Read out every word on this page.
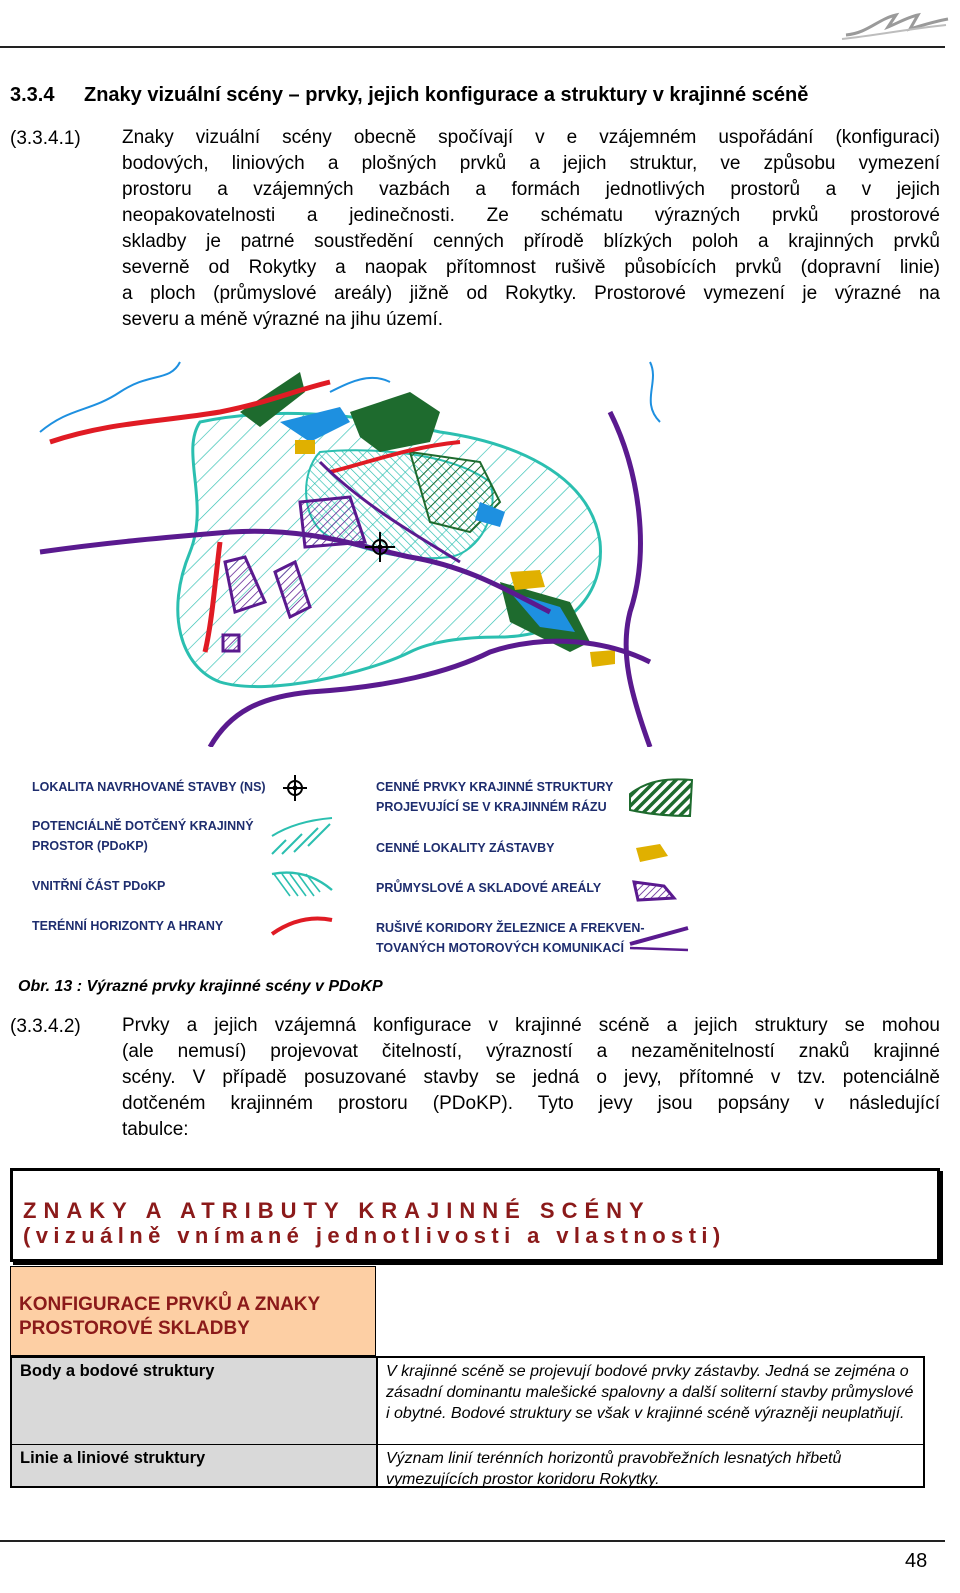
3.3.4 Znaky vizuální scény – prvky, jejich konfigurace a struktury v krajinné scéně
(3.3.4.1) Znaky vizuální scény obecně spočívají v e vzájemném uspořádání (konfiguraci)
bodových, liniových a plošných prvků a jejich struktur, ve způsobu vymezení
prostoru a vzájemných vazbách a formách jednotlivých prostorů a v jejich
neopakovatelnosti a jedinečnosti. Ze schématu výrazných prvků prostorové
skladby je patrné soustředění cenných přírodě blízkých poloh a krajinných prvků
severně od Rokytky a naopak přítomnost rušivě působících prvků (dopravní linie)
a ploch (průmyslové areály) jižně od Rokytky. Prostorové vymezení je výrazné na
severu a méně výrazné na jihu území.
LOKALITA NAVRHOVANÉ STAVBY (NS)
POTENCIÁLNĚ DOTČENÝ KRAJINNÝ PROSTOR (PDoKP)
VNITŘNÍ ČÁST PDoKP
TERÉNNÍ HORIZONTY A HRANY
CENNÉ PRVKY KRAJINNÉ STRUKTURY PROJEVUJÍCÍ SE V KRAJINNÉM RÁZU
CENNÉ LOKALITY ZÁSTAVBY
PRŮMYSLOVÉ A SKLADOVÉ AREÁLY
RUŠIVÉ KORIDORY ŽELEZNICE A FREKVEN- TOVANÝCH MOTOROVÝCH KOMUNIKACÍ
Obr. 13 : Výrazné prvky krajinné scény v PDoKP
(3.3.4.2) Prvky a jejich vzájemná konfigurace v krajinné scéně a jejich struktury se mohou
(ale nemusí) projevovat čitelností, výrazností a nezaměnitelností znaků krajinné
scény. V případě posuzované stavby se jedná o jevy, přítomné v tzv. potenciálně
dotčeném krajinném prostoru (PDoKP). Tyto jevy jsou popsány v následující
tabulce:
ZNAKY A ATRIBUTY KRAJINNÉ SCÉNY
(vizuálně vnímané jednotlivosti a vlastnosti)
KONFIGURACE PRVKŮ A ZNAKY PROSTOROVÉ SKLADBY
Body a bodové struktury	V krajinné scéně se projevují bodové prvky zástavby. Jedná se zejména o zásadní dominantu malešické spalovny a další soliterní stavby průmyslové i obytné. Bodové struktury se však v krajinné scéně výrazněji neuplatňují.
Linie a liniové struktury	Význam linií terénních horizontů pravobřežních lesnatých hřbetů vymezujících prostor koridoru Rokytky.
48
